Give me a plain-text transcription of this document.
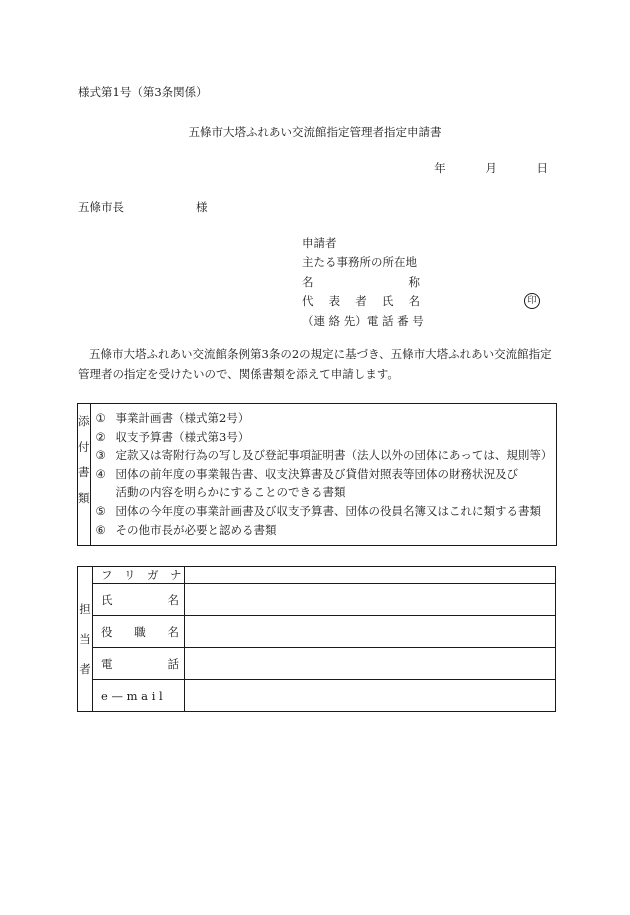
様式第1号（第3条関係）
五條市大塔ふれあい交流館指定管理者指定申請書
年	月	日
五條市長	様
申請者
主たる事務所の所在地
名	称
代 表 者 氏 名	印
（連 絡 先）電 話 番 号
五條市大塔ふれあい交流館条例第3条の2の規定に基づき、五條市大塔ふれあい交流館指定管理者の指定を受けたいので、関係書類を添えて申請します。
添
付
書
類

① 事業計画書（様式第2号）
② 収支予算書（様式第3号）
③ 定款又は寄附行為の写し及び登記事項証明書（法人以外の団体にあっては、規則等）
④ 団体の前年度の事業報告書、収支決算書及び貸借対照表等団体の財務状況及び
活動の内容を明らかにすることのできる書類
⑤ 団体の今年度の事業計画書及び収支予算書、団体の役員名簿又はこれに類する書類
⑥ その他市長が必要と認める書類
担
当
者	フ　リ　ガ　ナ	

	氏 名	

	役 職 名	

	電 話	

	e — m a i l	
